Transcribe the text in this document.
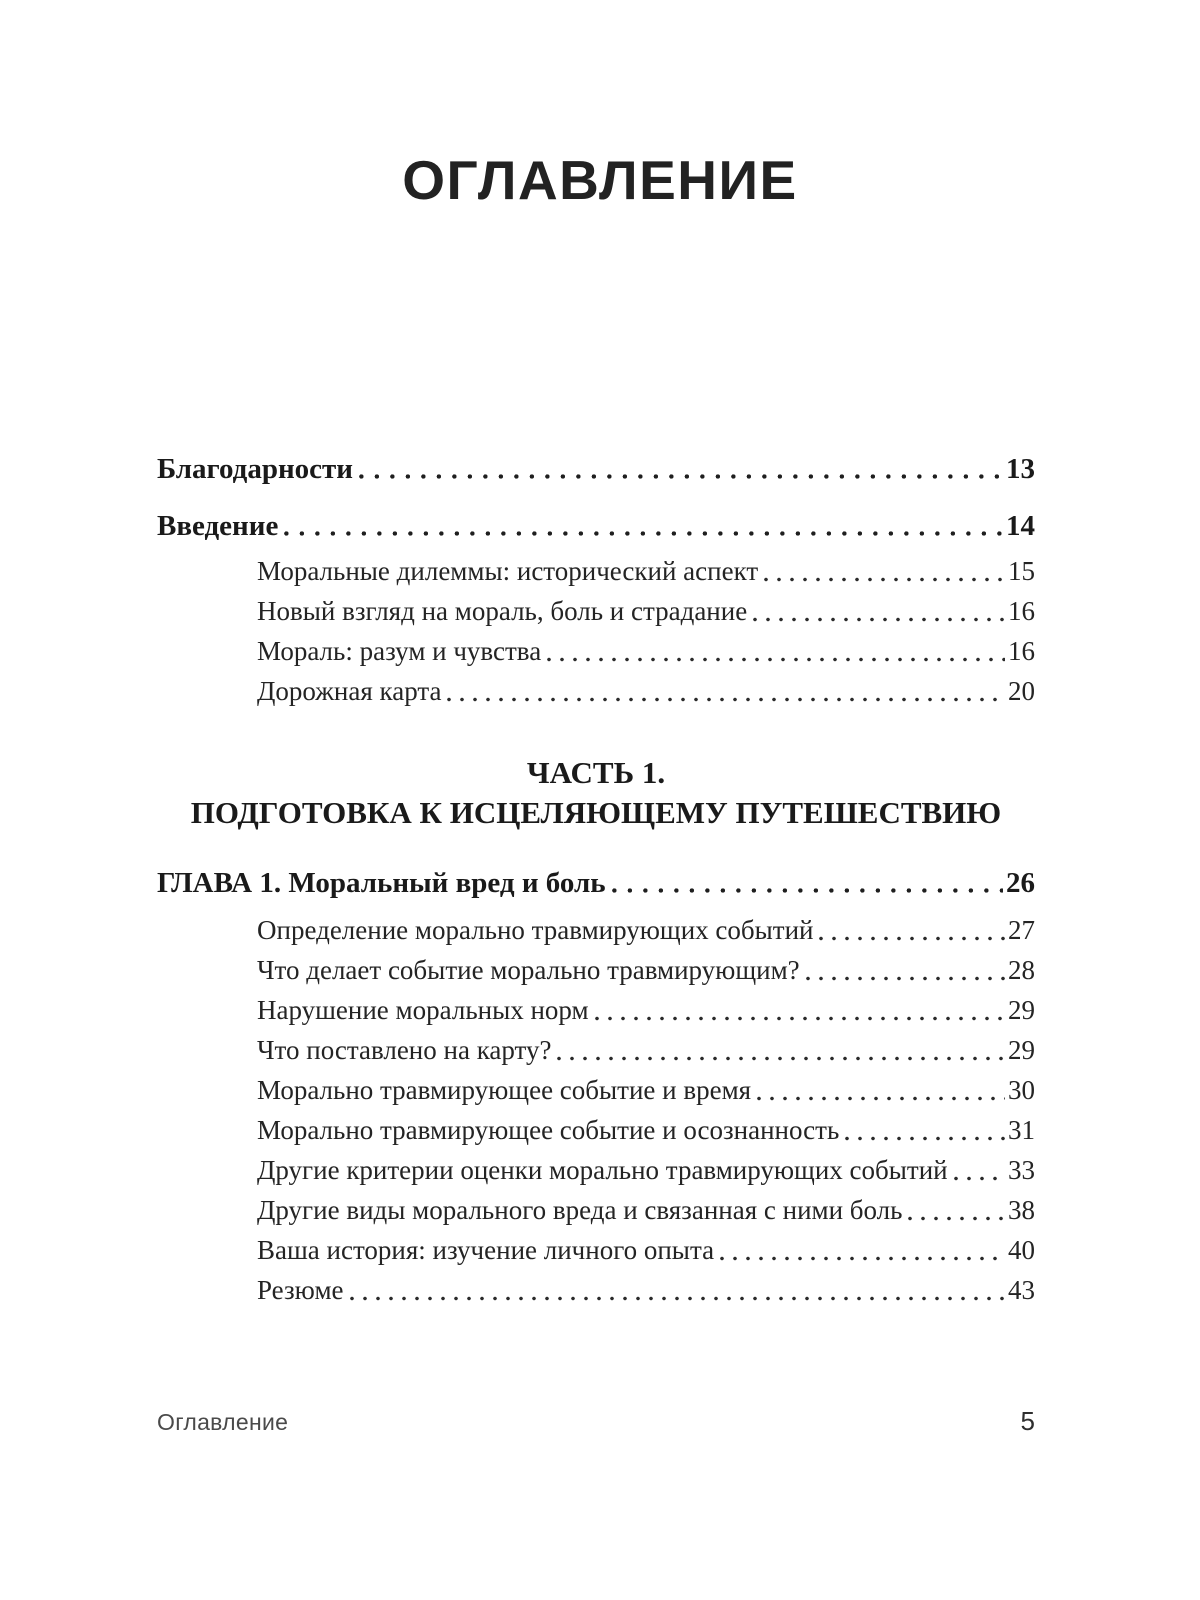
ОГЛАВЛЕНИЕ
Благодарности	13
Введение	14
Моральные дилеммы: исторический аспект	15
Новый взгляд на мораль, боль и страдание	16
Мораль: разум и чувства	16
Дорожная карта	20
ЧАСТЬ 1.
ПОДГОТОВКА К ИСЦЕЛЯЮЩЕМУ ПУТЕШЕСТВИЮ
ГЛАВА 1. Моральный вред и боль	26
Определение морально травмирующих событий	27
Что делает событие морально травмирующим?	28
Нарушение моральных норм	29
Что поставлено на карту?	29
Морально травмирующее событие и время	30
Морально травмирующее событие и осознанность	31
Другие критерии оценки морально травмирующих событий 33
Другие виды морального вреда и связанная с ними боль	38
Ваша история: изучение личного опыта	40
Резюме	43
Оглавление	5
